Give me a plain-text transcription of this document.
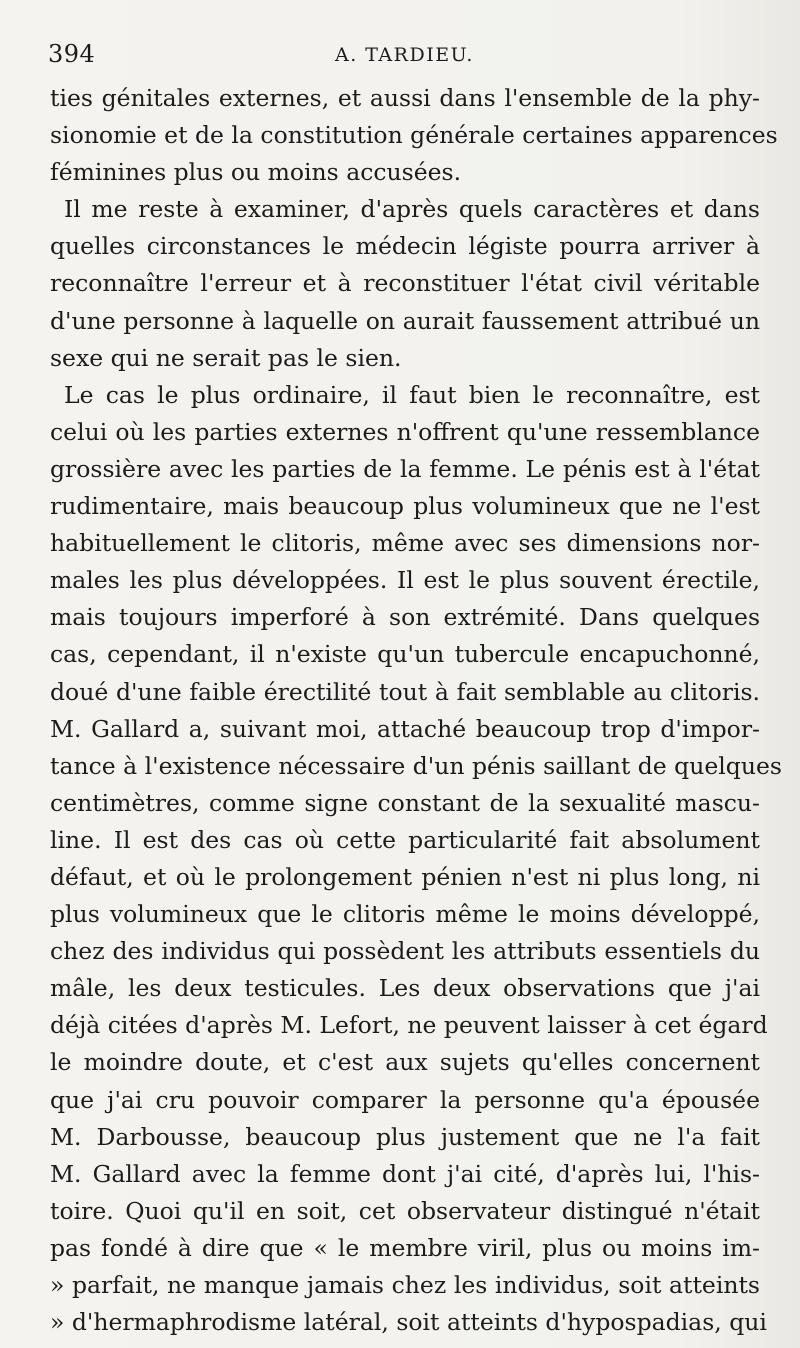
394	A. TARDIEU.
ties génitales externes, et aussi dans l'ensemble de la phy-
sionomie et de la constitution générale certaines apparences
féminines plus ou moins accusées.
Il me reste à examiner, d'après quels caractères et dans
quelles circonstances le médecin légiste pourra arriver à
reconnaître l'erreur et à reconstituer l'état civil véritable
d'une personne à laquelle on aurait faussement attribué un
sexe qui ne serait pas le sien.
Le cas le plus ordinaire, il faut bien le reconnaître, est
celui où les parties externes n'offrent qu'une ressemblance
grossière avec les parties de la femme. Le pénis est à l'état
rudimentaire, mais beaucoup plus volumineux que ne l'est
habituellement le clitoris, même avec ses dimensions nor-
males les plus développées. Il est le plus souvent érectile,
mais toujours imperforé à son extrémité. Dans quelques
cas, cependant, il n'existe qu'un tubercule encapuchonné,
doué d'une faible érectilité tout à fait semblable au clitoris.
M. Gallard a, suivant moi, attaché beaucoup trop d'impor-
tance à l'existence nécessaire d'un pénis saillant de quelques
centimètres, comme signe constant de la sexualité mascu-
line. Il est des cas où cette particularité fait absolument
défaut, et où le prolongement pénien n'est ni plus long, ni
plus volumineux que le clitoris même le moins développé,
chez des individus qui possèdent les attributs essentiels du
mâle, les deux testicules. Les deux observations que j'ai
déjà citées d'après M. Lefort, ne peuvent laisser à cet égard
le moindre doute, et c'est aux sujets qu'elles concernent
que j'ai cru pouvoir comparer la personne qu'a épousée
M. Darbousse, beaucoup plus justement que ne l'a fait
M. Gallard avec la femme dont j'ai cité, d'après lui, l'his-
toire. Quoi qu'il en soit, cet observateur distingué n'était
pas fondé à dire que « le membre viril, plus ou moins im-
» parfait, ne manque jamais chez les individus, soit atteints
» d'hermaphrodisme latéral, soit atteints d'hypospadias, qui
